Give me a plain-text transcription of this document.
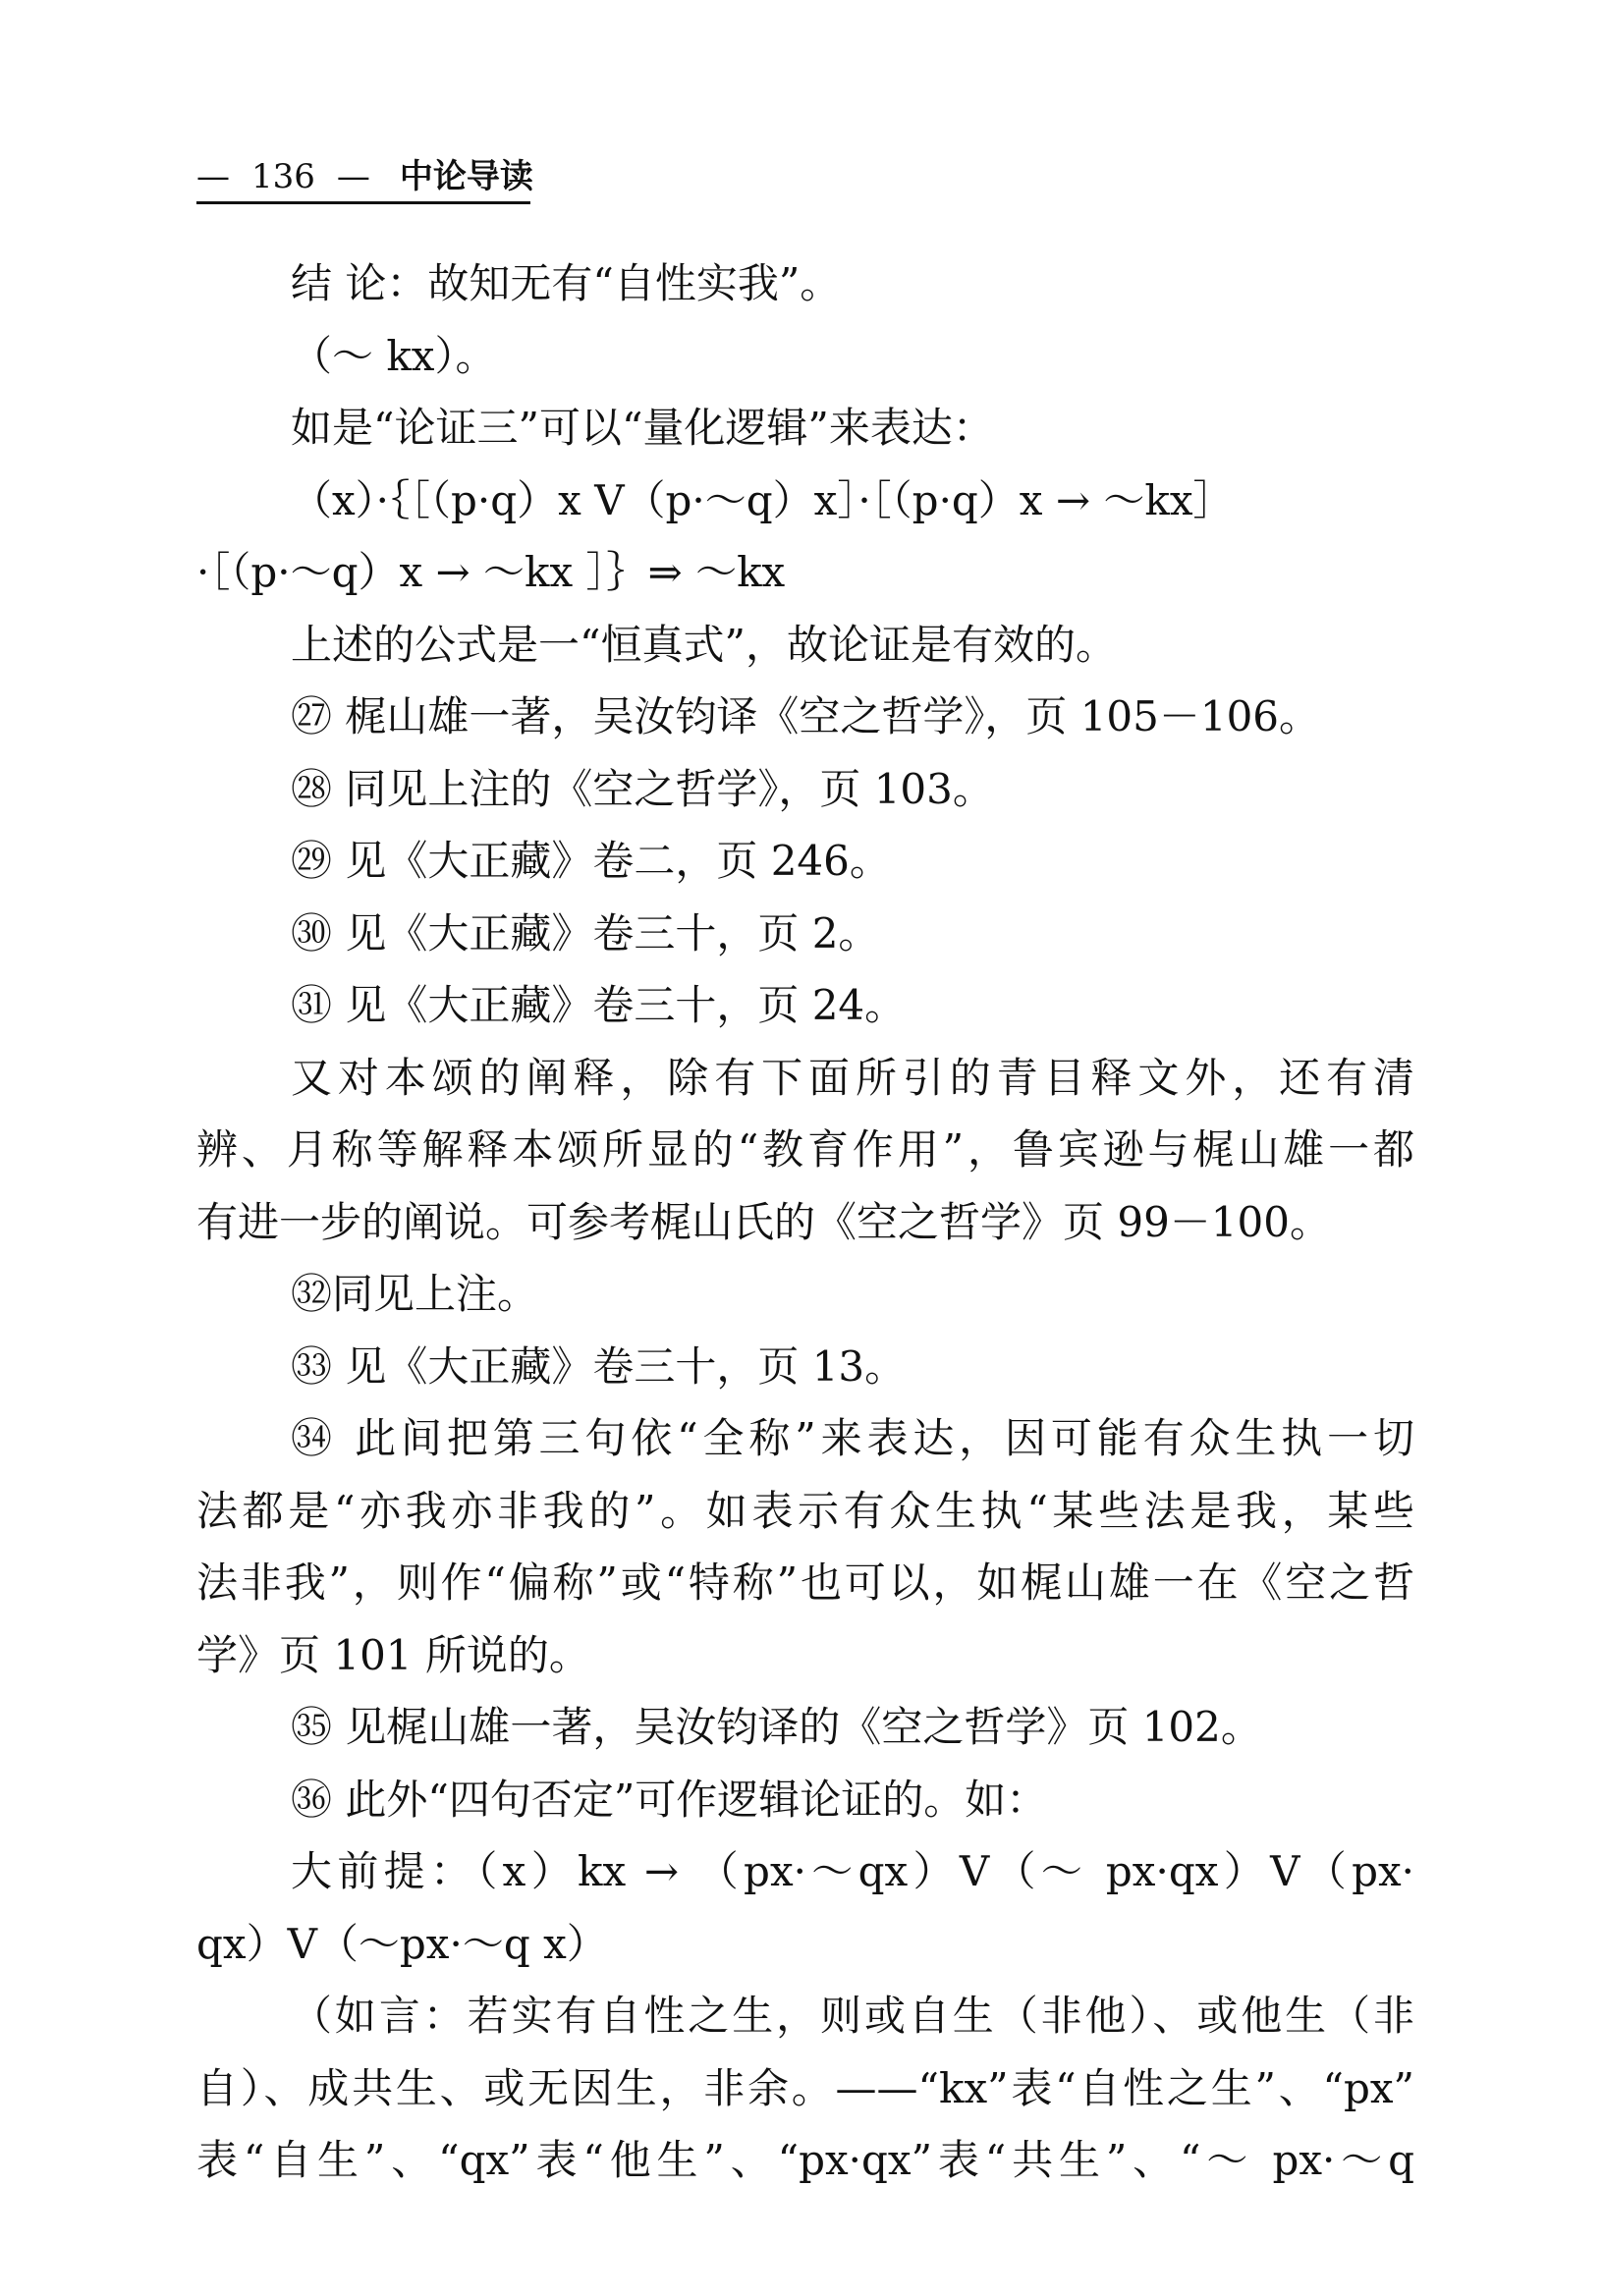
— 136 — 中论导读
结 论：故知无有“自性实我”。
（～ kx）。
如是“论证三”可以“量化逻辑”来表达：
（x）·｛［（p·q）x V（p·～q）x］·［（p·q）x → ～kx］
·［（p·～q）x → ～kx ］｝⇒ ～kx
上述的公式是一“恒真式”，故论证是有效的。
㉗ 梶山雄一著，吴汝钧译《空之哲学》，页 105－106。
㉘ 同见上注的《空之哲学》，页 103。
㉙ 见《大正藏》卷二，页 246。
㉚ 见《大正藏》卷三十，页 2。
㉛ 见《大正藏》卷三十，页 24。
又对本颂的阐释，除有下面所引的青目释文外，还有清
辨、月称等解释本颂所显的“教育作用”，鲁宾逊与梶山雄一都
有进一步的阐说。可参考梶山氏的《空之哲学》页 99－100。
㉜同见上注。
㉝ 见《大正藏》卷三十，页 13。
㉞ 此间把第三句依“全称”来表达，因可能有众生执一切
法都是“亦我亦非我的”。如表示有众生执“某些法是我，某些
法非我”，则作“偏称”或“特称”也可以，如梶山雄一在《空之哲
学》页 101 所说的。
㉟ 见梶山雄一著，吴汝钧译的《空之哲学》页 102。
㊱ 此外“四句否定”可作逻辑论证的。如：
大前提：（x）kx → （px·～qx）V（～ px·qx）V（px·
qx）V（～px·～q x）
（如言：若实有自性之生，则或自生（非他）、或他生（非
自）、成共生、或无因生，非余。——“kx”表“自性之生”、“px”
表“自生”、“qx”表“他生”、“px·qx”表“共生”、“～ px·～q
